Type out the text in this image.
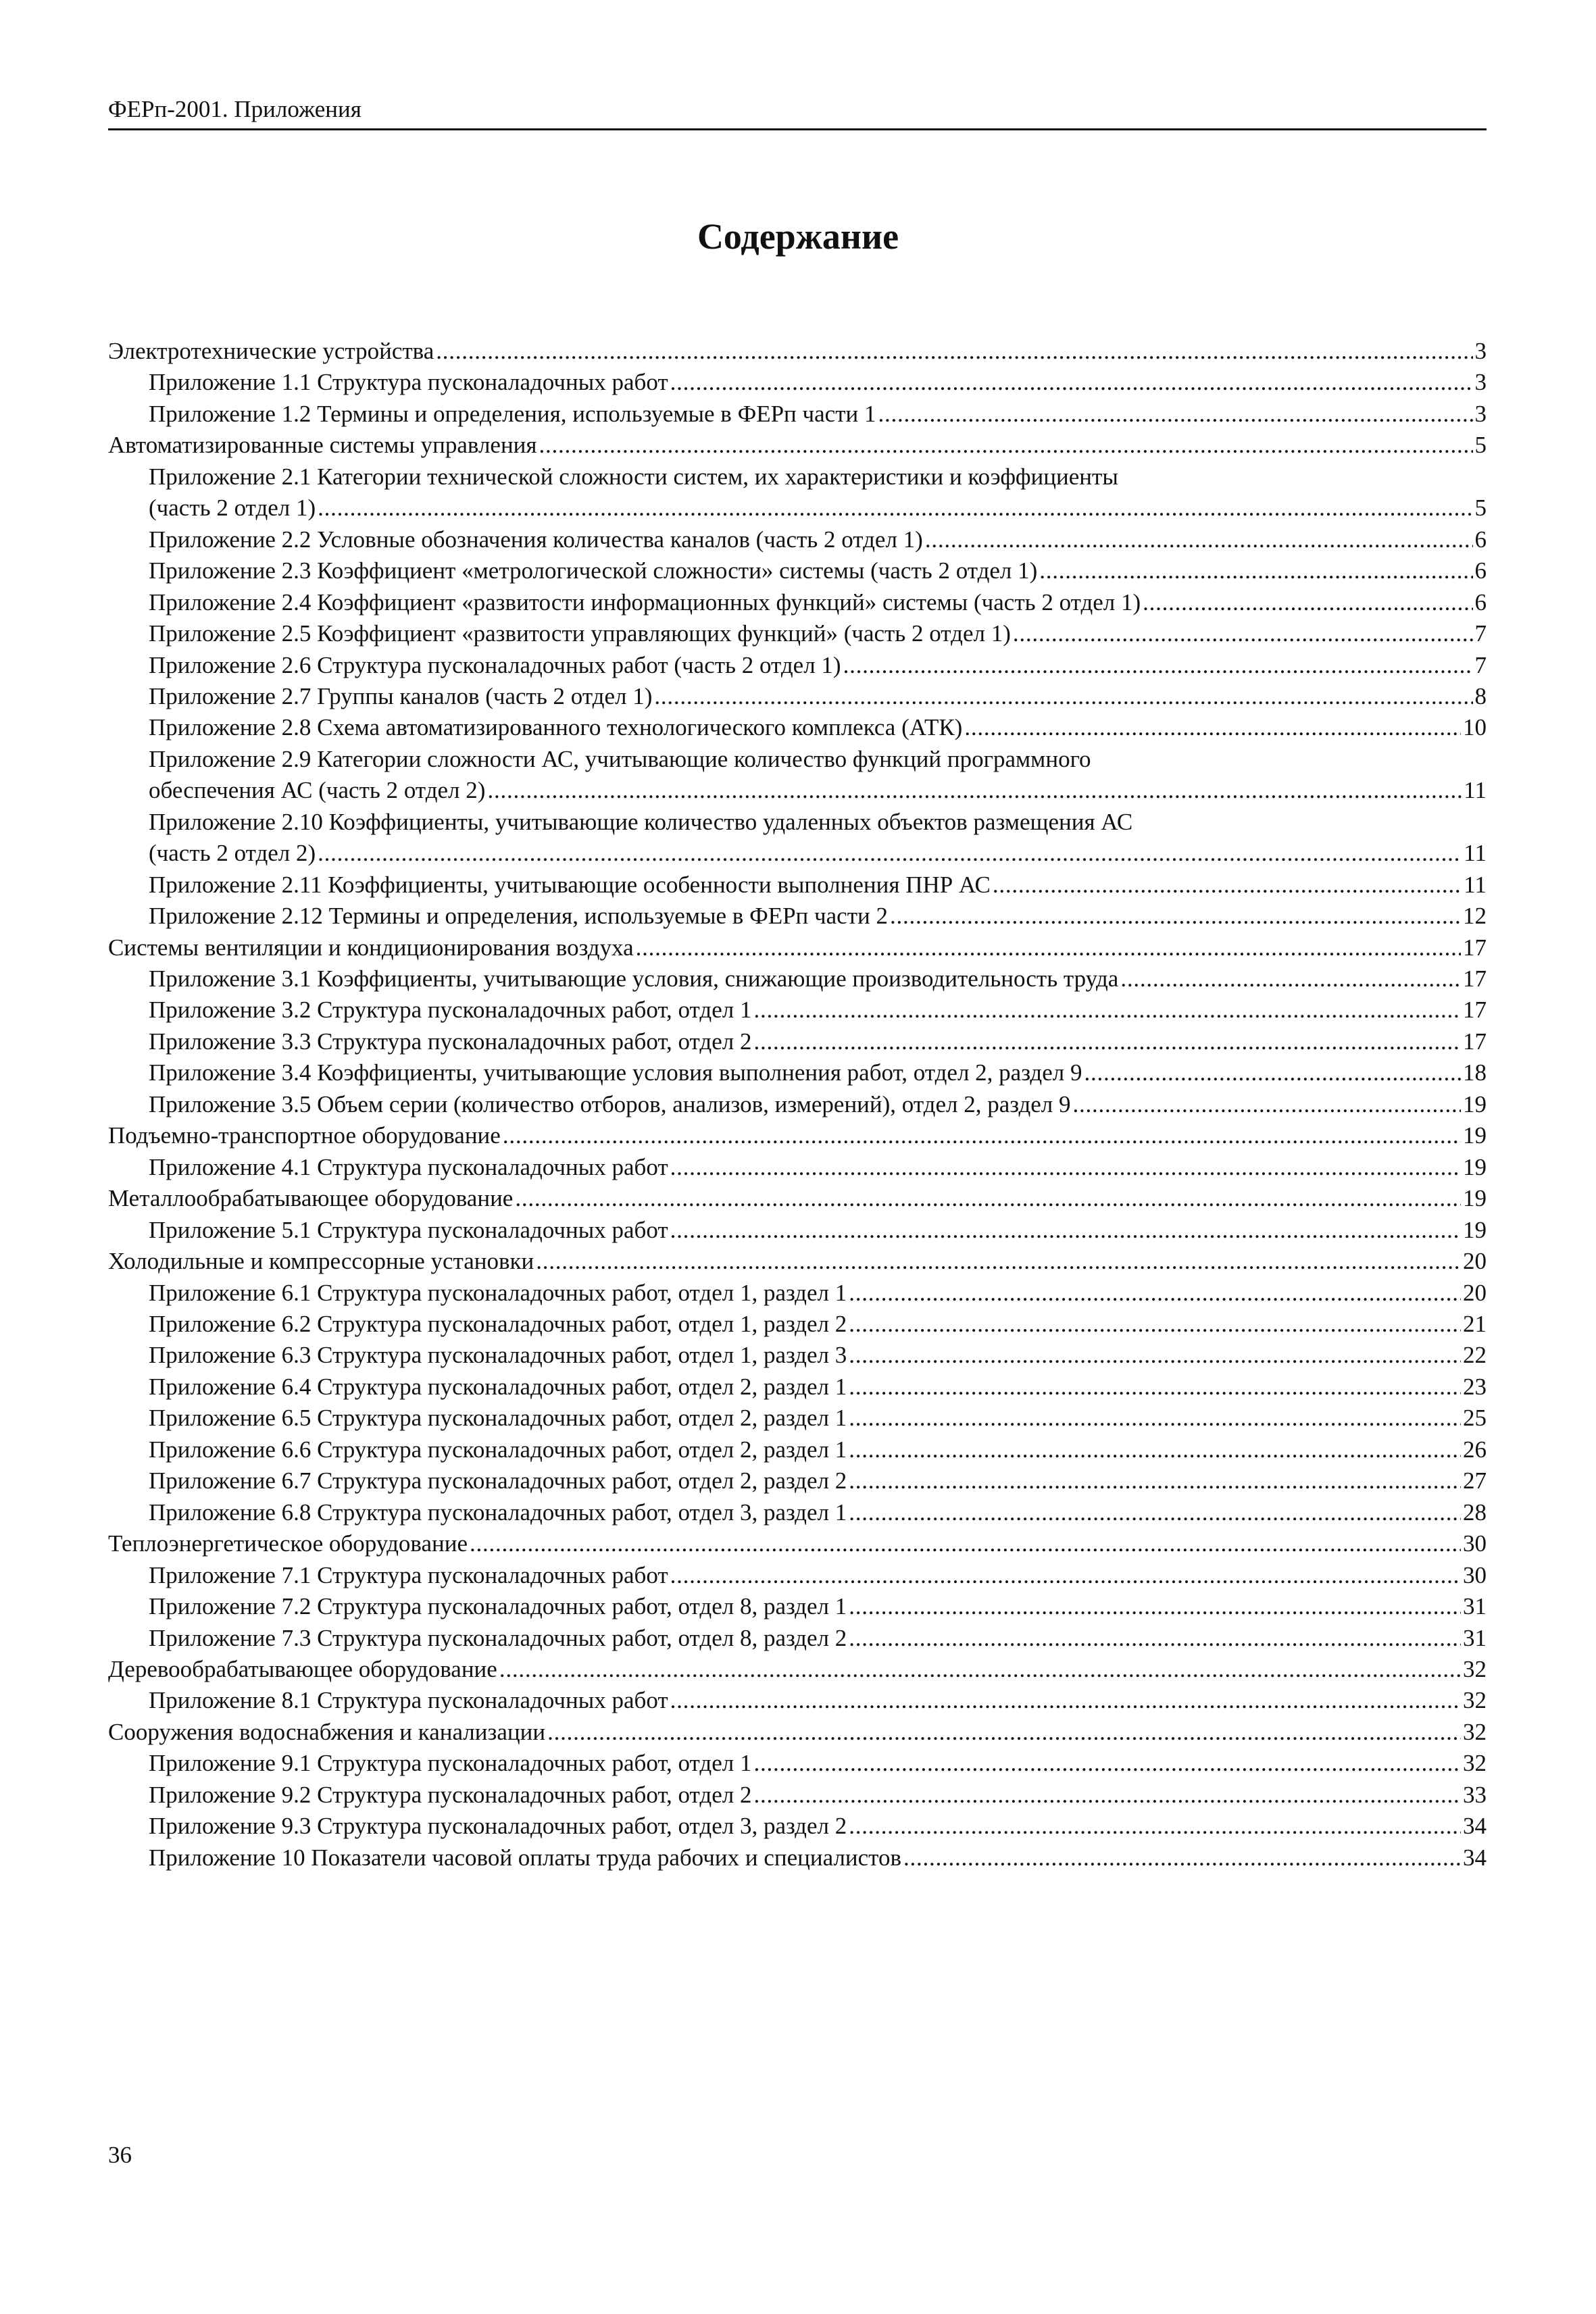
ФЕРп-2001. Приложения
Содержание
Электротехнические устройства . . .	3
Приложение 1.1 Структура пусконаладочных работ . . .	3
Приложение 1.2 Термины и определения, используемые в ФЕРп части 1 . . .	3
Автоматизированные системы управления . . .	5
Приложение 2.1 Категории технической сложности систем, их характеристики и коэффициенты
(часть 2 отдел 1) . . .	5
Приложение 2.2 Условные обозначения количества каналов (часть 2 отдел 1) . . .	6
Приложение 2.3 Коэффициент «метрологической сложности» системы (часть 2 отдел 1) . . .	6
Приложение 2.4 Коэффициент «развитости информационных функций» системы (часть 2 отдел 1) . . .	6
Приложение 2.5 Коэффициент «развитости управляющих функций» (часть 2 отдел 1) . . .	7
Приложение 2.6 Структура пусконаладочных работ (часть 2 отдел 1) . . .	7
Приложение 2.7 Группы каналов (часть 2 отдел 1) . . .	8
Приложение 2.8 Схема автоматизированного технологического комплекса (АТК) . . .	10
Приложение 2.9 Категории сложности АС, учитывающие количество функций программного
обеспечения АС (часть 2 отдел 2) . . .	11
Приложение 2.10 Коэффициенты, учитывающие количество удаленных объектов размещения АС
(часть 2 отдел 2) . . .	11
Приложение 2.11 Коэффициенты, учитывающие особенности выполнения ПНР АС . . .	11
Приложение 2.12 Термины и определения, используемые в ФЕРп части 2 . . .	12
Системы вентиляции и кондиционирования воздуха . . .	17
Приложение 3.1 Коэффициенты, учитывающие условия, снижающие производительность труда . . .	17
Приложение 3.2 Структура пусконаладочных работ, отдел 1 . . .	17
Приложение 3.3 Структура пусконаладочных работ, отдел 2 . . .	17
Приложение 3.4 Коэффициенты, учитывающие условия выполнения работ, отдел 2, раздел 9 . . .	18
Приложение 3.5 Объем серии (количество отборов, анализов, измерений), отдел 2, раздел 9 . . .	19
Подъемно-транспортное оборудование . . .	19
Приложение 4.1 Структура пусконаладочных работ . . .	19
Металлообрабатывающее оборудование . . .	19
Приложение 5.1 Структура пусконаладочных работ . . .	19
Холодильные и компрессорные установки . . .	20
Приложение 6.1 Структура пусконаладочных работ, отдел 1, раздел 1 . . .	20
Приложение 6.2 Структура пусконаладочных работ, отдел 1, раздел 2 . . .	21
Приложение 6.3 Структура пусконаладочных работ, отдел 1, раздел 3 . . .	22
Приложение 6.4 Структура пусконаладочных работ, отдел 2, раздел 1 . . .	23
Приложение 6.5 Структура пусконаладочных работ, отдел 2, раздел 1 . . .	25
Приложение 6.6 Структура пусконаладочных работ, отдел 2, раздел 1 . . .	26
Приложение 6.7 Структура пусконаладочных работ, отдел 2, раздел 2 . . .	27
Приложение 6.8 Структура пусконаладочных работ, отдел 3, раздел 1 . . .	28
Теплоэнергетическое оборудование . . .	30
Приложение 7.1 Структура пусконаладочных работ . . .	30
Приложение 7.2 Структура пусконаладочных работ, отдел 8, раздел 1 . . .	31
Приложение 7.3 Структура пусконаладочных работ, отдел 8, раздел 2 . . .	31
Деревообрабатывающее оборудование . . .	32
Приложение 8.1 Структура пусконаладочных работ . . .	32
Сооружения водоснабжения и канализации . . .	32
Приложение 9.1 Структура пусконаладочных работ, отдел 1 . . .	32
Приложение 9.2 Структура пусконаладочных работ, отдел 2 . . .	33
Приложение 9.3 Структура пусконаладочных работ, отдел 3, раздел 2 . . .	34
Приложение 10 Показатели часовой оплаты труда рабочих и специалистов . . .	34
36
